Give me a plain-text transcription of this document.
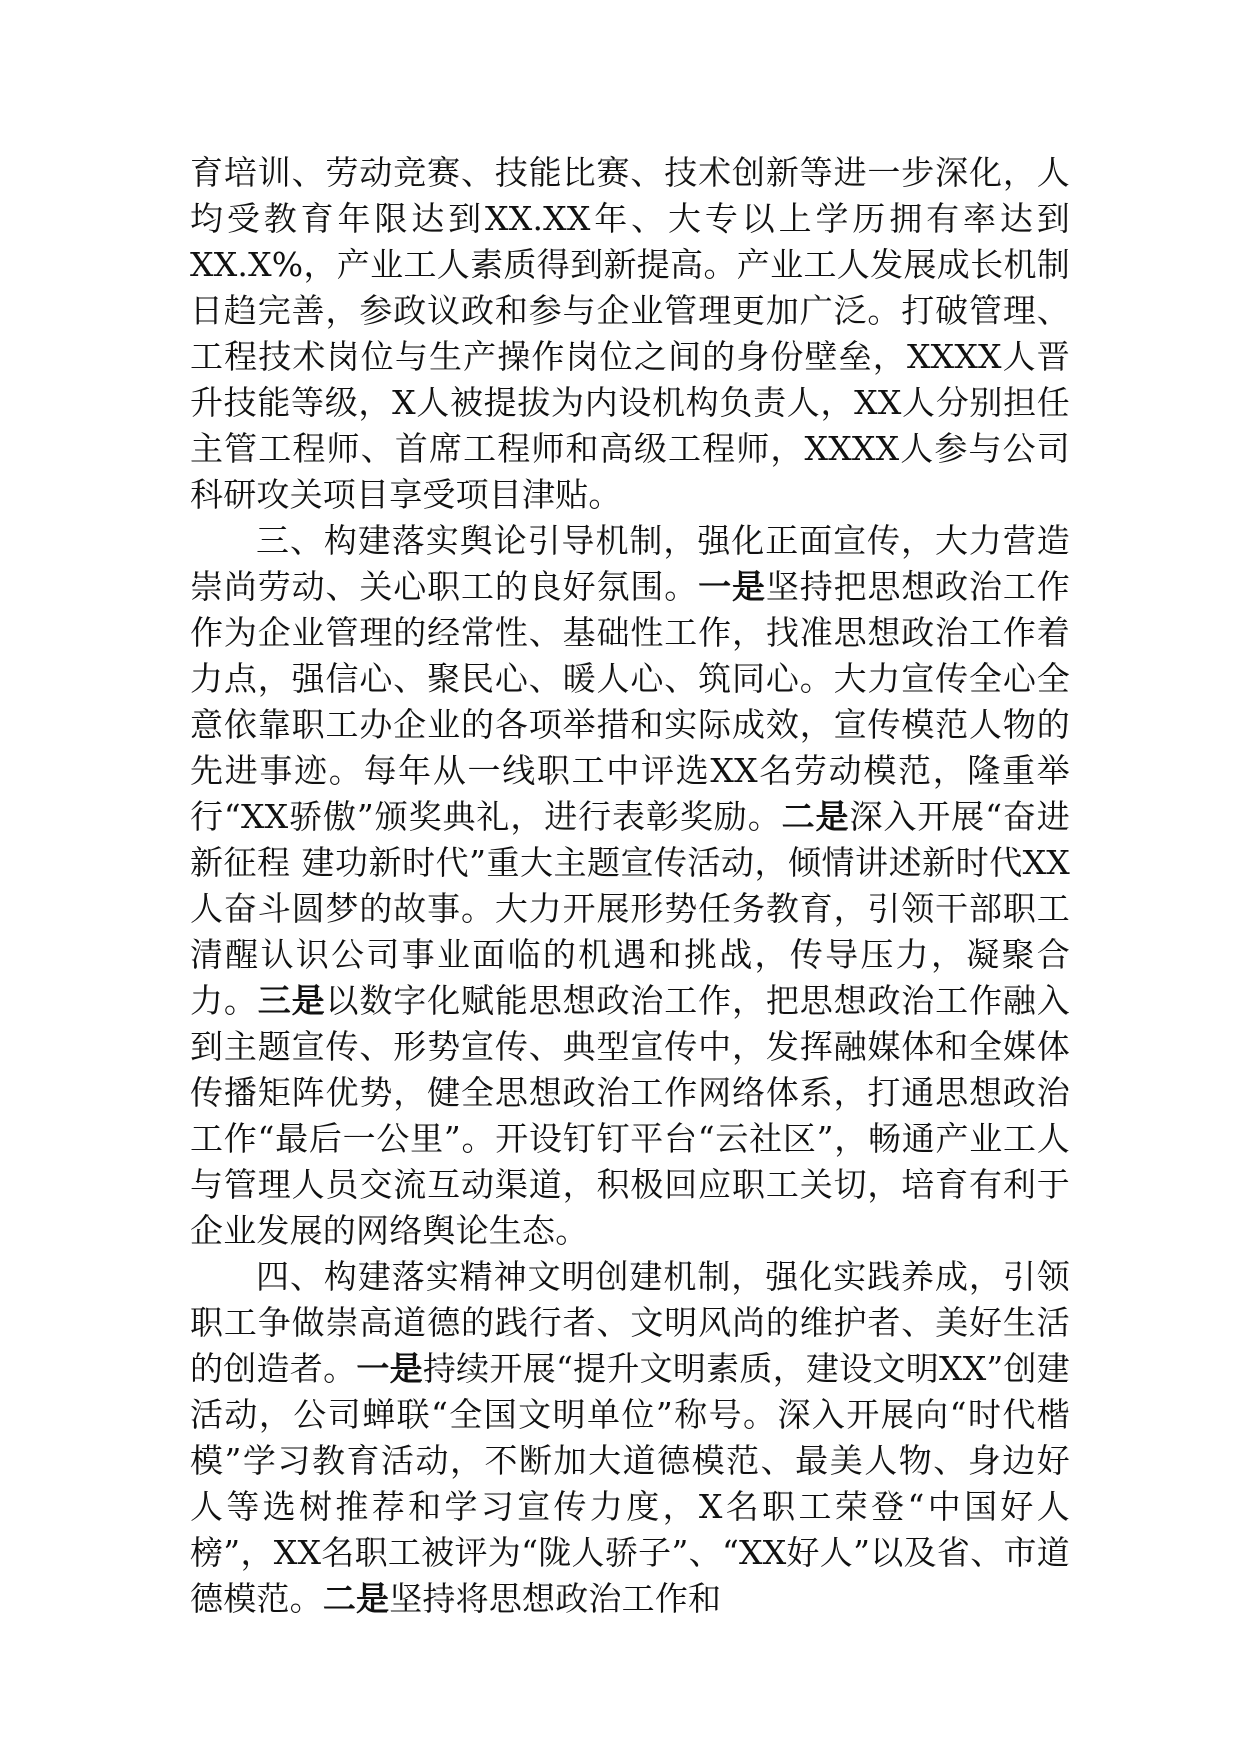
育培训、劳动竞赛、技能比赛、技术创新等进一步深化，人均受教育年限达到XX.XX年、大专以上学历拥有率达到XX.X%，产业工人素质得到新提高。产业工人发展成长机制日趋完善，参政议政和参与企业管理更加广泛。打破管理、工程技术岗位与生产操作岗位之间的身份壁垒，XXXX人晋升技能等级，X人被提拔为内设机构负责人，XX人分别担任主管工程师、首席工程师和高级工程师，XXXX人参与公司科研攻关项目享受项目津贴。

三、构建落实舆论引导机制，强化正面宣传，大力营造崇尚劳动、关心职工的良好氛围。一是坚持把思想政治工作作为企业管理的经常性、基础性工作，找准思想政治工作着力点，强信心、聚民心、暖人心、筑同心。大力宣传全心全意依靠职工办企业的各项举措和实际成效，宣传模范人物的先进事迹。每年从一线职工中评选XX名劳动模范，隆重举行“XX骄傲”颁奖典礼，进行表彰奖励。二是深入开展“奋进新征程 建功新时代”重大主题宣传活动，倾情讲述新时代XX人奋斗圆梦的故事。大力开展形势任务教育，引领干部职工清醒认识公司事业面临的机遇和挑战，传导压力，凝聚合力。三是以数字化赋能思想政治工作，把思想政治工作融入到主题宣传、形势宣传、典型宣传中，发挥融媒体和全媒体传播矩阵优势，健全思想政治工作网络体系，打通思想政治工作“最后一公里”。开设钉钉平台“云社区”，畅通产业工人与管理人员交流互动渠道，积极回应职工关切，培育有利于企业发展的网络舆论生态。

四、构建落实精神文明创建机制，强化实践养成，引领职工争做崇高道德的践行者、文明风尚的维护者、美好生活的创造者。一是持续开展“提升文明素质，建设文明XX”创建活动，公司蝉联“全国文明单位”称号。深入开展向“时代楷模”学习教育活动，不断加大道德模范、最美人物、身边好人等选树推荐和学习宣传力度，X名职工荣登“中国好人榜”，XX名职工被评为“陇人骄子”、“XX好人”以及省、市道德模范。二是坚持将思想政治工作和
